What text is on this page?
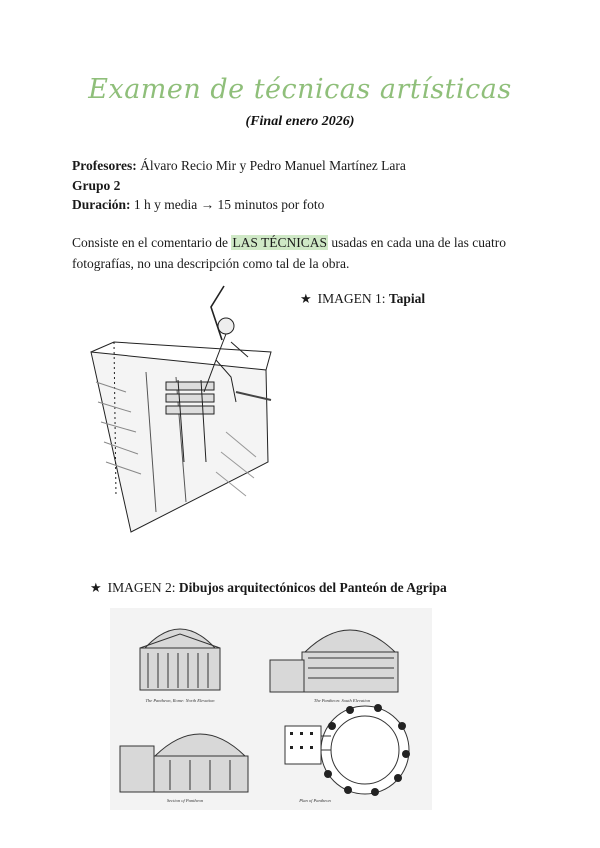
Examen de técnicas artísticas
(Final enero 2026)
Profesores: Álvaro Recio Mir y Pedro Manuel Martínez Lara
Grupo 2
Duración: 1 h y media → 15 minutos por foto
Consiste en el comentario de LAS TÉCNICAS usadas en cada una de las cuatro fotografías, no una descripción como tal de la obra.
★ IMAGEN 1: Tapial
★ IMAGEN 2: Dibujos arquitectónicos del Panteón de Agripa
The Pantheon, Rome: North Elevation	The Pantheon: South Elevation
Section of Pantheon	Plan of Pantheon
